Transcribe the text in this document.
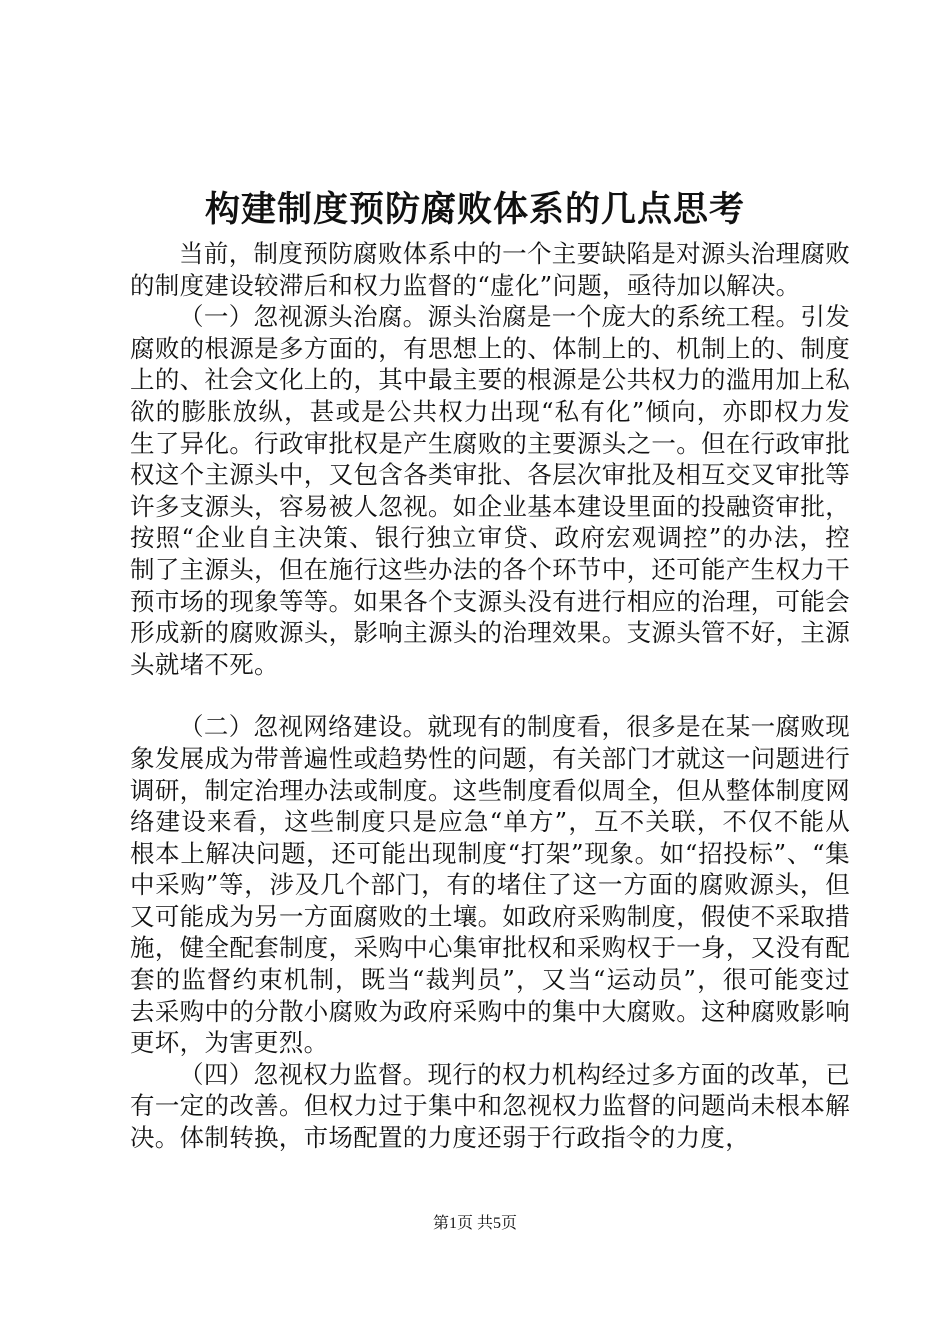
构建制度预防腐败体系的几点思考

当前，制度预防腐败体系中的一个主要缺陷是对源头治理腐败的制度建设较滞后和权力监督的“虚化”问题，亟待加以解决。

（一）忽视源头治腐。源头治腐是一个庞大的系统工程。引发腐败的根源是多方面的，有思想上的、体制上的、机制上的、制度上的、社会文化上的，其中最主要的根源是公共权力的滥用加上私欲的膨胀放纵，甚或是公共权力出现“私有化”倾向，亦即权力发生了异化。行政审批权是产生腐败的主要源头之一。但在行政审批权这个主源头中，又包含各类审批、各层次审批及相互交叉审批等许多支源头，容易被人忽视。如企业基本建设里面的投融资审批，按照“企业自主决策、银行独立审贷、政府宏观调控”的办法，控制了主源头，但在施行这些办法的各个环节中，还可能产生权力干预市场的现象等等。如果各个支源头没有进行相应的治理，可能会形成新的腐败源头，影响主源头的治理效果。支源头管不好，主源头就堵不死。

（二）忽视网络建设。就现有的制度看，很多是在某一腐败现象发展成为带普遍性或趋势性的问题，有关部门才就这一问题进行调研，制定治理办法或制度。这些制度看似周全，但从整体制度网络建设来看，这些制度只是应急“单方”，互不关联，不仅不能从根本上解决问题，还可能出现制度“打架”现象。如“招投标”、“集中采购”等，涉及几个部门，有的堵住了这一方面的腐败源头，但又可能成为另一方面腐败的土壤。如政府采购制度，假使不采取措施，健全配套制度，采购中心集审批权和采购权于一身，又没有配套的监督约束机制，既当“裁判员”，又当“运动员”，很可能变过去采购中的分散小腐败为政府采购中的集中大腐败。这种腐败影响更坏，为害更烈。

（四）忽视权力监督。现行的权力机构经过多方面的改革，已有一定的改善。但权力过于集中和忽视权力监督的问题尚未根本解决。体制转换，市场配置的力度还弱于行政指令的力度，

第1页 共5页
